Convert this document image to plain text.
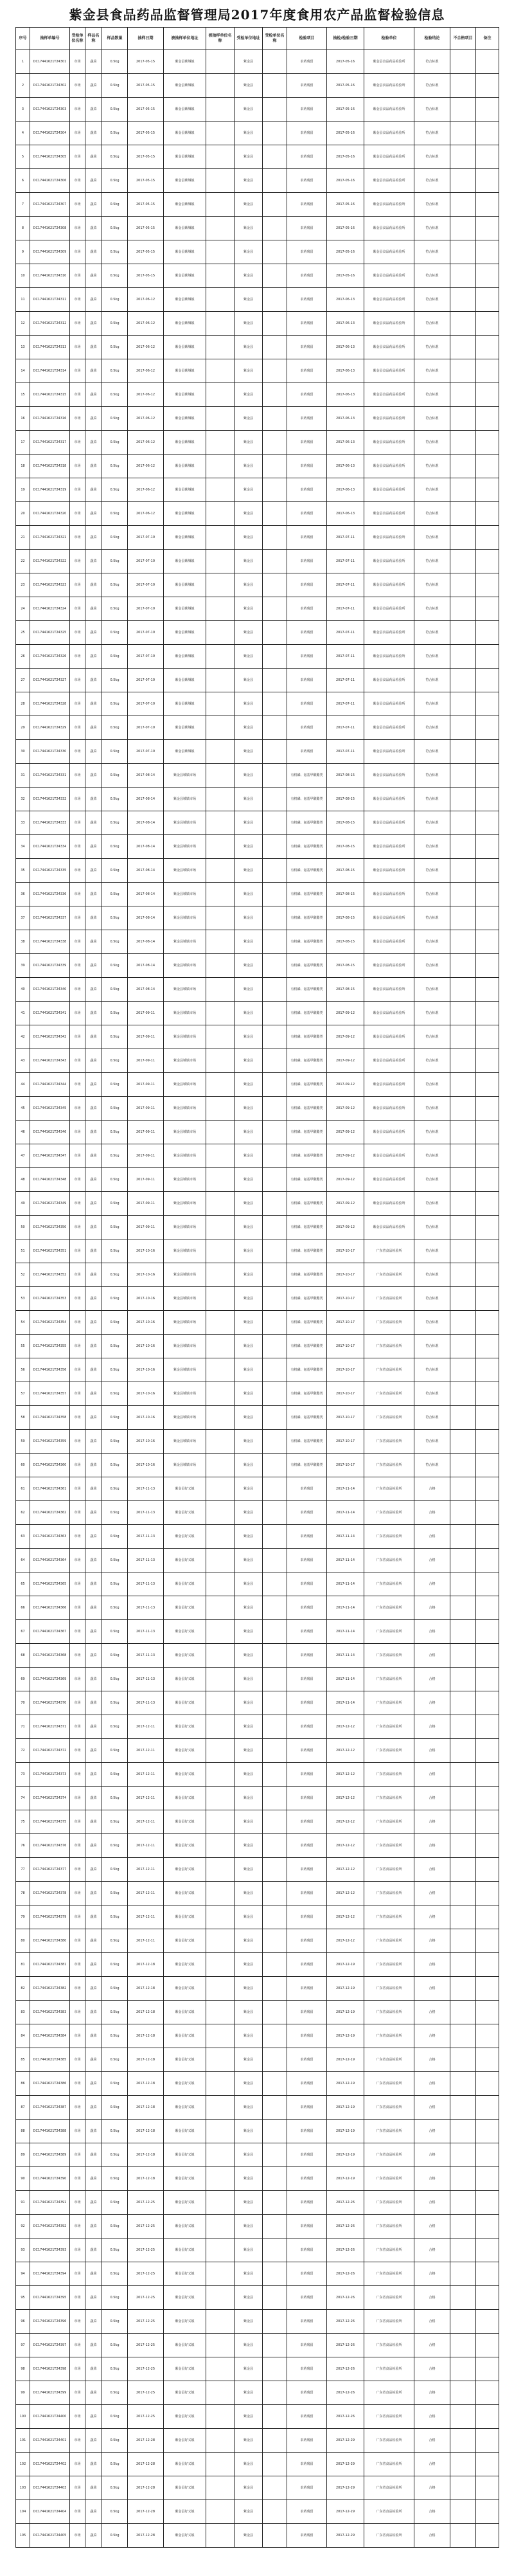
紫金县食品药品监督管理局2017年度食用农产品监督检验信息
序号	抽样单编号	受检单位名称	样品名称	样品数量	抽样日期	被抽样单位地址	被抽样单位名称	受检单位地址	受检单位名称	检验项目	抽检/检验日期	检验单位	检验结论	不合格项目	备注
1	DC17441621T24301	市场	蔬菜	0.5kg	2017-05-15	紫金县紫城镇		紫金县		农药残留	2017-05-16	紫金县食品药品检验所	符合标准		
2	DC17441621T24302	市场	蔬菜	0.5kg	2017-05-15	紫金县紫城镇		紫金县		农药残留	2017-05-16	紫金县食品药品检验所	符合标准		
3	DC17441621T24303	市场	蔬菜	0.5kg	2017-05-15	紫金县紫城镇		紫金县		农药残留	2017-05-16	紫金县食品药品检验所	符合标准		
4	DC17441621T24304	市场	蔬菜	0.5kg	2017-05-15	紫金县紫城镇		紫金县		农药残留	2017-05-16	紫金县食品药品检验所	符合标准		
5	DC17441621T24305	市场	蔬菜	0.5kg	2017-05-15	紫金县紫城镇		紫金县		农药残留	2017-05-16	紫金县食品药品检验所	符合标准		
6	DC17441621T24306	市场	蔬菜	0.5kg	2017-05-15	紫金县紫城镇		紫金县		农药残留	2017-05-16	紫金县食品药品检验所	符合标准		
7	DC17441621T24307	市场	蔬菜	0.5kg	2017-05-15	紫金县紫城镇		紫金县		农药残留	2017-05-16	紫金县食品药品检验所	符合标准		
8	DC17441621T24308	市场	蔬菜	0.5kg	2017-05-15	紫金县紫城镇		紫金县		农药残留	2017-05-16	紫金县食品药品检验所	符合标准		
9	DC17441621T24309	市场	蔬菜	0.5kg	2017-05-15	紫金县紫城镇		紫金县		农药残留	2017-05-16	紫金县食品药品检验所	符合标准		
10	DC17441621T24310	市场	蔬菜	0.5kg	2017-05-15	紫金县紫城镇		紫金县		农药残留	2017-05-16	紫金县食品药品检验所	符合标准		
11	DC17441621T24311	市场	蔬菜	0.5kg	2017-06-12	紫金县紫城镇		紫金县		农药残留	2017-06-13	紫金县食品药品检验所	符合标准		
12	DC17441621T24312	市场	蔬菜	0.5kg	2017-06-12	紫金县紫城镇		紫金县		农药残留	2017-06-13	紫金县食品药品检验所	符合标准		
13	DC17441621T24313	市场	蔬菜	0.5kg	2017-06-12	紫金县紫城镇		紫金县		农药残留	2017-06-13	紫金县食品药品检验所	符合标准		
14	DC17441621T24314	市场	蔬菜	0.5kg	2017-06-12	紫金县紫城镇		紫金县		农药残留	2017-06-13	紫金县食品药品检验所	符合标准		
15	DC17441621T24315	市场	蔬菜	0.5kg	2017-06-12	紫金县紫城镇		紫金县		农药残留	2017-06-13	紫金县食品药品检验所	符合标准		
16	DC17441621T24316	市场	蔬菜	0.5kg	2017-06-12	紫金县紫城镇		紫金县		农药残留	2017-06-13	紫金县食品药品检验所	符合标准		
17	DC17441621T24317	市场	蔬菜	0.5kg	2017-06-12	紫金县紫城镇		紫金县		农药残留	2017-06-13	紫金县食品药品检验所	符合标准		
18	DC17441621T24318	市场	蔬菜	0.5kg	2017-06-12	紫金县紫城镇		紫金县		农药残留	2017-06-13	紫金县食品药品检验所	符合标准		
19	DC17441621T24319	市场	蔬菜	0.5kg	2017-06-12	紫金县紫城镇		紫金县		农药残留	2017-06-13	紫金县食品药品检验所	符合标准		
20	DC17441621T24320	市场	蔬菜	0.5kg	2017-06-12	紫金县紫城镇		紫金县		农药残留	2017-06-13	紫金县食品药品检验所	符合标准		
21	DC17441621T24321	市场	蔬菜	0.5kg	2017-07-10	紫金县紫城镇		紫金县		农药残留	2017-07-11	紫金县食品药品检验所	符合标准		
22	DC17441621T24322	市场	蔬菜	0.5kg	2017-07-10	紫金县紫城镇		紫金县		农药残留	2017-07-11	紫金县食品药品检验所	符合标准		
23	DC17441621T24323	市场	蔬菜	0.5kg	2017-07-10	紫金县紫城镇		紫金县		农药残留	2017-07-11	紫金县食品药品检验所	符合标准		
24	DC17441621T24324	市场	蔬菜	0.5kg	2017-07-10	紫金县紫城镇		紫金县		农药残留	2017-07-11	紫金县食品药品检验所	符合标准		
25	DC17441621T24325	市场	蔬菜	0.5kg	2017-07-10	紫金县紫城镇		紫金县		农药残留	2017-07-11	紫金县食品药品检验所	符合标准		
26	DC17441621T24326	市场	蔬菜	0.5kg	2017-07-10	紫金县紫城镇		紫金县		农药残留	2017-07-11	紫金县食品药品检验所	符合标准		
27	DC17441621T24327	市场	蔬菜	0.5kg	2017-07-10	紫金县紫城镇		紫金县		农药残留	2017-07-11	紫金县食品药品检验所	符合标准		
28	DC17441621T24328	市场	蔬菜	0.5kg	2017-07-10	紫金县紫城镇		紫金县		农药残留	2017-07-11	紫金县食品药品检验所	符合标准		
29	DC17441621T24329	市场	蔬菜	0.5kg	2017-07-10	紫金县紫城镇		紫金县		农药残留	2017-07-11	紫金县食品药品检验所	符合标准		
30	DC17441621T24330	市场	蔬菜	0.5kg	2017-07-10	紫金县紫城镇		紫金县		农药残留	2017-07-11	紫金县食品药品检验所	符合标准		
31	DC17441621T24331	市场	蔬菜	0.5kg	2017-08-14	紫金县城镇市场		紫金县		有机磷、氨基甲酸酯类	2017-08-15	紫金县食品药品检验所	符合标准		
32	DC17441621T24332	市场	蔬菜	0.5kg	2017-08-14	紫金县城镇市场		紫金县		有机磷、氨基甲酸酯类	2017-08-15	紫金县食品药品检验所	符合标准		
33	DC17441621T24333	市场	蔬菜	0.5kg	2017-08-14	紫金县城镇市场		紫金县		有机磷、氨基甲酸酯类	2017-08-15	紫金县食品药品检验所	符合标准		
34	DC17441621T24334	市场	蔬菜	0.5kg	2017-08-14	紫金县城镇市场		紫金县		有机磷、氨基甲酸酯类	2017-08-15	紫金县食品药品检验所	符合标准		
35	DC17441621T24335	市场	蔬菜	0.5kg	2017-08-14	紫金县城镇市场		紫金县		有机磷、氨基甲酸酯类	2017-08-15	紫金县食品药品检验所	符合标准		
36	DC17441621T24336	市场	蔬菜	0.5kg	2017-08-14	紫金县城镇市场		紫金县		有机磷、氨基甲酸酯类	2017-08-15	紫金县食品药品检验所	符合标准		
37	DC17441621T24337	市场	蔬菜	0.5kg	2017-08-14	紫金县城镇市场		紫金县		有机磷、氨基甲酸酯类	2017-08-15	紫金县食品药品检验所	符合标准		
38	DC17441621T24338	市场	蔬菜	0.5kg	2017-08-14	紫金县城镇市场		紫金县		有机磷、氨基甲酸酯类	2017-08-15	紫金县食品药品检验所	符合标准		
39	DC17441621T24339	市场	蔬菜	0.5kg	2017-08-14	紫金县城镇市场		紫金县		有机磷、氨基甲酸酯类	2017-08-15	紫金县食品药品检验所	符合标准		
40	DC17441621T24340	市场	蔬菜	0.5kg	2017-08-14	紫金县城镇市场		紫金县		有机磷、氨基甲酸酯类	2017-08-15	紫金县食品药品检验所	符合标准		
41	DC17441621T24341	市场	蔬菜	0.5kg	2017-09-11	紫金县城镇市场		紫金县		有机磷、氨基甲酸酯类	2017-09-12	紫金县食品药品检验所	符合标准		
42	DC17441621T24342	市场	蔬菜	0.5kg	2017-09-11	紫金县城镇市场		紫金县		有机磷、氨基甲酸酯类	2017-09-12	紫金县食品药品检验所	符合标准		
43	DC17441621T24343	市场	蔬菜	0.5kg	2017-09-11	紫金县城镇市场		紫金县		有机磷、氨基甲酸酯类	2017-09-12	紫金县食品药品检验所	符合标准		
44	DC17441621T24344	市场	蔬菜	0.5kg	2017-09-11	紫金县城镇市场		紫金县		有机磷、氨基甲酸酯类	2017-09-12	紫金县食品药品检验所	符合标准		
45	DC17441621T24345	市场	蔬菜	0.5kg	2017-09-11	紫金县城镇市场		紫金县		有机磷、氨基甲酸酯类	2017-09-12	紫金县食品药品检验所	符合标准		
46	DC17441621T24346	市场	蔬菜	0.5kg	2017-09-11	紫金县城镇市场		紫金县		有机磷、氨基甲酸酯类	2017-09-12	紫金县食品药品检验所	符合标准		
47	DC17441621T24347	市场	蔬菜	0.5kg	2017-09-11	紫金县城镇市场		紫金县		有机磷、氨基甲酸酯类	2017-09-12	紫金县食品药品检验所	符合标准		
48	DC17441621T24348	市场	蔬菜	0.5kg	2017-09-11	紫金县城镇市场		紫金县		有机磷、氨基甲酸酯类	2017-09-12	紫金县食品药品检验所	符合标准		
49	DC17441621T24349	市场	蔬菜	0.5kg	2017-09-11	紫金县城镇市场		紫金县		有机磷、氨基甲酸酯类	2017-09-12	紫金县食品药品检验所	符合标准		
50	DC17441621T24350	市场	蔬菜	0.5kg	2017-09-11	紫金县城镇市场		紫金县		有机磷、氨基甲酸酯类	2017-09-12	紫金县食品药品检验所	符合标准		
51	DC17441621T24351	市场	蔬菜	0.5kg	2017-10-16	紫金县城镇市场		紫金县		有机磷、氨基甲酸酯类	2017-10-17	广东省食品检验所	符合标准		
52	DC17441621T24352	市场	蔬菜	0.5kg	2017-10-16	紫金县城镇市场		紫金县		有机磷、氨基甲酸酯类	2017-10-17	广东省食品检验所	符合标准		
53	DC17441621T24353	市场	蔬菜	0.5kg	2017-10-16	紫金县城镇市场		紫金县		有机磷、氨基甲酸酯类	2017-10-17	广东省食品检验所	符合标准		
54	DC17441621T24354	市场	蔬菜	0.5kg	2017-10-16	紫金县城镇市场		紫金县		有机磷、氨基甲酸酯类	2017-10-17	广东省食品检验所	符合标准		
55	DC17441621T24355	市场	蔬菜	0.5kg	2017-10-16	紫金县城镇市场		紫金县		有机磷、氨基甲酸酯类	2017-10-17	广东省食品检验所	符合标准		
56	DC17441621T24356	市场	蔬菜	0.5kg	2017-10-16	紫金县城镇市场		紫金县		有机磷、氨基甲酸酯类	2017-10-17	广东省食品检验所	符合标准		
57	DC17441621T24357	市场	蔬菜	0.5kg	2017-10-16	紫金县城镇市场		紫金县		有机磷、氨基甲酸酯类	2017-10-17	广东省食品检验所	符合标准		
58	DC17441621T24358	市场	蔬菜	0.5kg	2017-10-16	紫金县城镇市场		紫金县		有机磷、氨基甲酸酯类	2017-10-17	广东省食品检验所	符合标准		
59	DC17441621T24359	市场	蔬菜	0.5kg	2017-10-16	紫金县城镇市场		紫金县		有机磷、氨基甲酸酯类	2017-10-17	广东省食品检验所	符合标准		
60	DC17441621T24360	市场	蔬菜	0.5kg	2017-10-16	紫金县城镇市场		紫金县		有机磷、氨基甲酸酯类	2017-10-17	广东省食品检验所	符合标准		
61	DC17441621T24361	市场	蔬菜	0.5kg	2017-11-13	紫金县好义镇		紫金县		农药残留	2017-11-14	广东省食品检验所	合格		
62	DC17441621T24362	市场	蔬菜	0.5kg	2017-11-13	紫金县好义镇		紫金县		农药残留	2017-11-14	广东省食品检验所	合格		
63	DC17441621T24363	市场	蔬菜	0.5kg	2017-11-13	紫金县好义镇		紫金县		农药残留	2017-11-14	广东省食品检验所	合格		
64	DC17441621T24364	市场	蔬菜	0.5kg	2017-11-13	紫金县好义镇		紫金县		农药残留	2017-11-14	广东省食品检验所	合格		
65	DC17441621T24365	市场	蔬菜	0.5kg	2017-11-13	紫金县好义镇		紫金县		农药残留	2017-11-14	广东省食品检验所	合格		
66	DC17441621T24366	市场	蔬菜	0.5kg	2017-11-13	紫金县好义镇		紫金县		农药残留	2017-11-14	广东省食品检验所	合格		
67	DC17441621T24367	市场	蔬菜	0.5kg	2017-11-13	紫金县好义镇		紫金县		农药残留	2017-11-14	广东省食品检验所	合格		
68	DC17441621T24368	市场	蔬菜	0.5kg	2017-11-13	紫金县好义镇		紫金县		农药残留	2017-11-14	广东省食品检验所	合格		
69	DC17441621T24369	市场	蔬菜	0.5kg	2017-11-13	紫金县好义镇		紫金县		农药残留	2017-11-14	广东省食品检验所	合格		
70	DC17441621T24370	市场	蔬菜	0.5kg	2017-11-13	紫金县好义镇		紫金县		农药残留	2017-11-14	广东省食品检验所	合格		
71	DC17441621T24371	市场	蔬菜	0.5kg	2017-12-11	紫金县好义镇		紫金县		农药残留	2017-12-12	广东省食品检验所	合格		
72	DC17441621T24372	市场	蔬菜	0.5kg	2017-12-11	紫金县好义镇		紫金县		农药残留	2017-12-12	广东省食品检验所	合格		
73	DC17441621T24373	市场	蔬菜	0.5kg	2017-12-11	紫金县好义镇		紫金县		农药残留	2017-12-12	广东省食品检验所	合格		
74	DC17441621T24374	市场	蔬菜	0.5kg	2017-12-11	紫金县好义镇		紫金县		农药残留	2017-12-12	广东省食品检验所	合格		
75	DC17441621T24375	市场	蔬菜	0.5kg	2017-12-11	紫金县好义镇		紫金县		农药残留	2017-12-12	广东省食品检验所	合格		
76	DC17441621T24376	市场	蔬菜	0.5kg	2017-12-11	紫金县好义镇		紫金县		农药残留	2017-12-12	广东省食品检验所	合格		
77	DC17441621T24377	市场	蔬菜	0.5kg	2017-12-11	紫金县好义镇		紫金县		农药残留	2017-12-12	广东省食品检验所	合格		
78	DC17441621T24378	市场	蔬菜	0.5kg	2017-12-11	紫金县好义镇		紫金县		农药残留	2017-12-12	广东省食品检验所	合格		
79	DC17441621T24379	市场	蔬菜	0.5kg	2017-12-11	紫金县好义镇		紫金县		农药残留	2017-12-12	广东省食品检验所	合格		
80	DC17441621T24380	市场	蔬菜	0.5kg	2017-12-11	紫金县好义镇		紫金县		农药残留	2017-12-12	广东省食品检验所	合格		
81	DC17441621T24381	市场	蔬菜	0.5kg	2017-12-18	紫金县好义镇		紫金县		农药残留	2017-12-19	广东省食品检验所	合格		
82	DC17441621T24382	市场	蔬菜	0.5kg	2017-12-18	紫金县好义镇		紫金县		农药残留	2017-12-19	广东省食品检验所	合格		
83	DC17441621T24383	市场	蔬菜	0.5kg	2017-12-18	紫金县好义镇		紫金县		农药残留	2017-12-19	广东省食品检验所	合格		
84	DC17441621T24384	市场	蔬菜	0.5kg	2017-12-18	紫金县好义镇		紫金县		农药残留	2017-12-19	广东省食品检验所	合格		
85	DC17441621T24385	市场	蔬菜	0.5kg	2017-12-18	紫金县好义镇		紫金县		农药残留	2017-12-19	广东省食品检验所	合格		
86	DC17441621T24386	市场	蔬菜	0.5kg	2017-12-18	紫金县好义镇		紫金县		农药残留	2017-12-19	广东省食品检验所	合格		
87	DC17441621T24387	市场	蔬菜	0.5kg	2017-12-18	紫金县好义镇		紫金县		农药残留	2017-12-19	广东省食品检验所	合格		
88	DC17441621T24388	市场	蔬菜	0.5kg	2017-12-18	紫金县好义镇		紫金县		农药残留	2017-12-19	广东省食品检验所	合格		
89	DC17441621T24389	市场	蔬菜	0.5kg	2017-12-18	紫金县好义镇		紫金县		农药残留	2017-12-19	广东省食品检验所	合格		
90	DC17441621T24390	市场	蔬菜	0.5kg	2017-12-18	紫金县好义镇		紫金县		农药残留	2017-12-19	广东省食品检验所	合格		
91	DC17441621T24391	市场	蔬菜	0.5kg	2017-12-25	紫金县好义镇		紫金县		农药残留	2017-12-26	广东省食品检验所	合格		
92	DC17441621T24392	市场	蔬菜	0.5kg	2017-12-25	紫金县好义镇		紫金县		农药残留	2017-12-26	广东省食品检验所	合格		
93	DC17441621T24393	市场	蔬菜	0.5kg	2017-12-25	紫金县好义镇		紫金县		农药残留	2017-12-26	广东省食品检验所	合格		
94	DC17441621T24394	市场	蔬菜	0.5kg	2017-12-25	紫金县好义镇		紫金县		农药残留	2017-12-26	广东省食品检验所	合格		
95	DC17441621T24395	市场	蔬菜	0.5kg	2017-12-25	紫金县好义镇		紫金县		农药残留	2017-12-26	广东省食品检验所	合格		
96	DC17441621T24396	市场	蔬菜	0.5kg	2017-12-25	紫金县好义镇		紫金县		农药残留	2017-12-26	广东省食品检验所	合格		
97	DC17441621T24397	市场	蔬菜	0.5kg	2017-12-25	紫金县好义镇		紫金县		农药残留	2017-12-26	广东省食品检验所	合格		
98	DC17441621T24398	市场	蔬菜	0.5kg	2017-12-25	紫金县好义镇		紫金县		农药残留	2017-12-26	广东省食品检验所	合格		
99	DC17441621T24399	市场	蔬菜	0.5kg	2017-12-25	紫金县好义镇		紫金县		农药残留	2017-12-26	广东省食品检验所	合格		
100	DC17441621T24400	市场	蔬菜	0.5kg	2017-12-25	紫金县好义镇		紫金县		农药残留	2017-12-26	广东省食品检验所	合格		
101	DC17441621T24401	市场	蔬菜	0.5kg	2017-12-28	紫金县好义镇		紫金县		农药残留	2017-12-29	广东省食品检验所	合格		
102	DC17441621T24402	市场	蔬菜	0.5kg	2017-12-28	紫金县好义镇		紫金县		农药残留	2017-12-29	广东省食品检验所	合格		
103	DC17441621T24403	市场	蔬菜	0.5kg	2017-12-28	紫金县好义镇		紫金县		农药残留	2017-12-29	广东省食品检验所	合格		
104	DC17441621T24404	市场	蔬菜	0.5kg	2017-12-28	紫金县好义镇		紫金县		农药残留	2017-12-29	广东省食品检验所	合格		
105	DC17441621T24405	市场	蔬菜	0.5kg	2017-12-28	紫金县好义镇		紫金县		农药残留	2017-12-29	广东省食品检验所	合格		
